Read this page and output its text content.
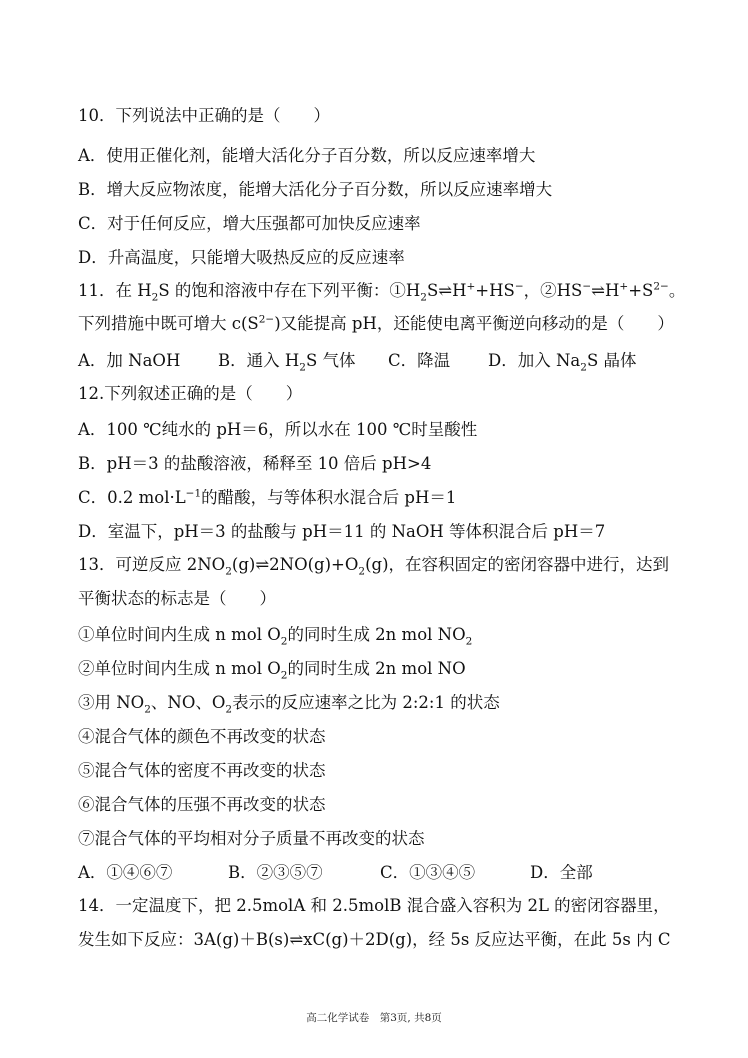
10．下列说法中正确的是（　　）
A．使用正催化剂，能增大活化分子百分数，所以反应速率增大
B．增大反应物浓度，能增大活化分子百分数，所以反应速率增大
C．对于任何反应，增大压强都可加快反应速率
D．升高温度，只能增大吸热反应的反应速率
11．在 $H_2S$ 的饱和溶液中存在下列平衡：$①H_2S\rightleftharpoons H^++HS^-$，$②HS^-\rightleftharpoons H^++S^{2-}$。
下列措施中既可增大 $c(S^{2-})$又能提高 pH，还能使电离平衡逆向移动的是（　　）
A．加 NaOH B．通入 $H_2S$ 气体 C．降温 D．加入 $Na_2S$ 晶体
12.下列叙述正确的是（　　）
A．100 ℃纯水的 pH＝6，所以水在 100 ℃时呈酸性
B．pH＝3 的盐酸溶液，稀释至 10 倍后 pH>4
C．0.2 $mol\cdot L^{-1}$的醋酸，与等体积水混合后 pH＝1
D．室温下，pH＝3 的盐酸与 pH＝11 的 NaOH 等体积混合后 pH＝7
13．可逆反应 $2NO_2(g)\rightleftharpoons 2NO(g)+O_2(g)$，在容积固定的密闭容器中进行，达到
平衡状态的标志是（　　）
①单位时间内生成 n mol $O_2$的同时生成 2n mol $NO_2$
②单位时间内生成 n mol $O_2$的同时生成 2n mol NO
③用 $NO_2$、NO、$O_2$表示的反应速率之比为 2:2:1 的状态
④混合气体的颜色不再改变的状态
⑤混合气体的密度不再改变的状态
⑥混合气体的压强不再改变的状态
⑦混合气体的平均相对分子质量不再改变的状态
A．①④⑥⑦	B．②③⑤⑦	C．①③④⑤	D．全部
14．一定温度下，把 2.5molA 和 2.5molB 混合盛入容积为 2L 的密闭容器里，
发生如下反应：3A(g)＋B(s)⇌xC(g)＋2D(g)，经 5s 反应达平衡，在此 5s 内 C
高二化学试卷　第3页, 共8页
